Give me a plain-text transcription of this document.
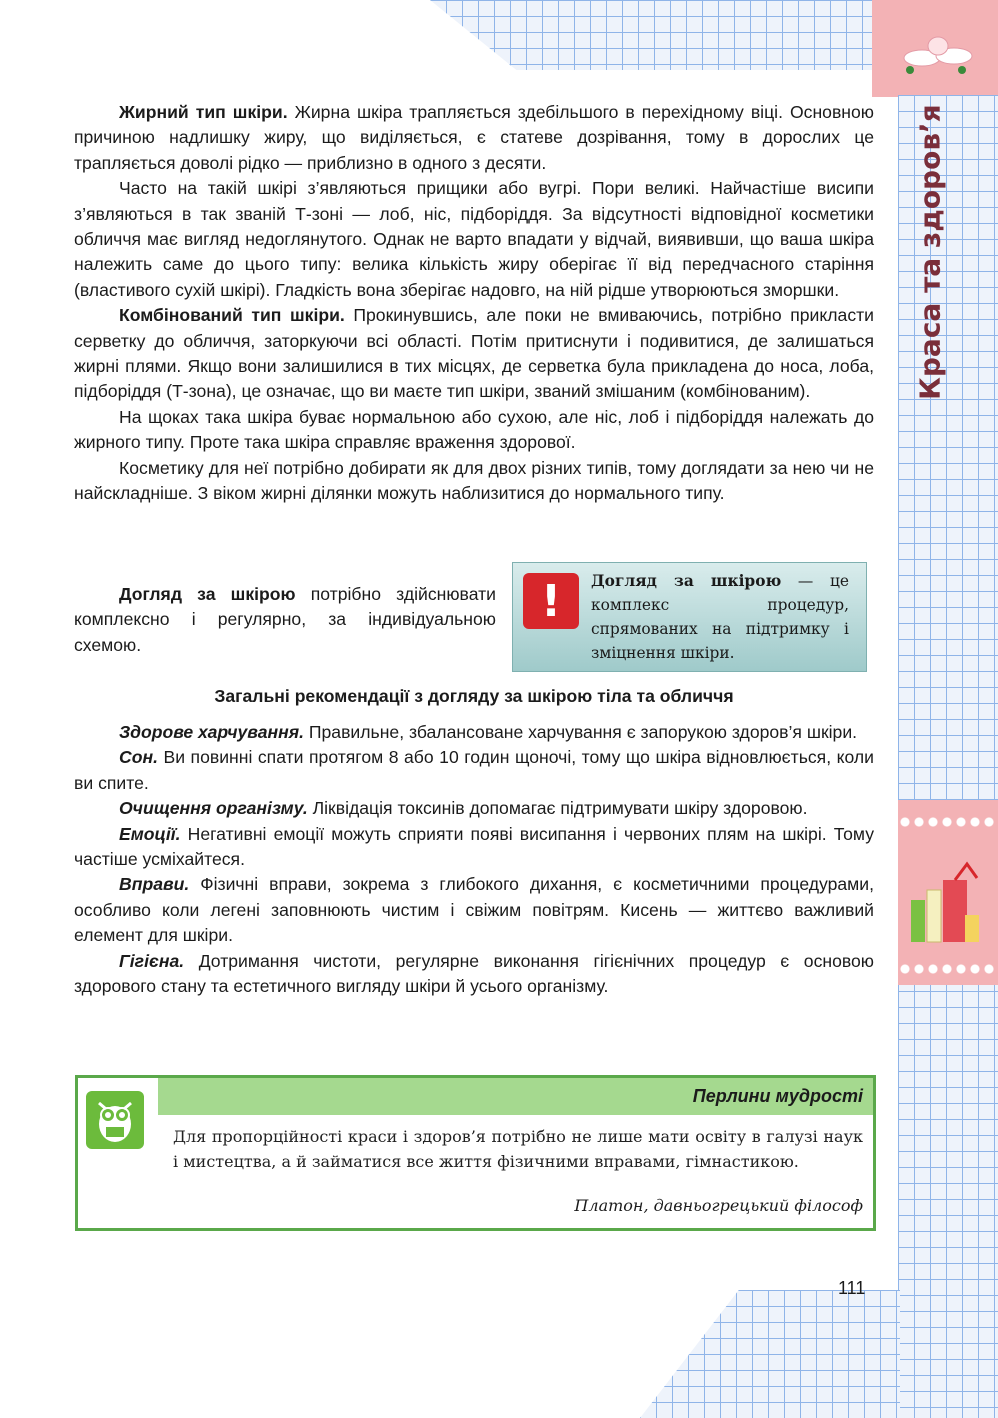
Краса та здоров’я

Жирний тип шкіри. Жирна шкіра трапляється здебільшого в перехідному віці. Основною причиною надлишку жиру, що виділяється, є статеве дозрівання, тому в дорослих це трапляється доволі рідко — приблизно в одного з десяти.

Часто на такій шкірі з’являються прищики або вугрі. Пори великі. Найчастіше висипи з’являються в так званій Т-зоні — лоб, ніс, підборіддя. За відсутності відповідної косметики обличчя має вигляд недоглянутого. Однак не варто впадати у відчай, виявивши, що ваша шкіра належить саме до цього типу: велика кількість жиру оберігає її від передчасного старіння (властивого сухій шкірі). Гладкість вона зберігає надовго, на ній рідше утворюються зморшки.

Комбінований тип шкіри. Прокинувшись, але поки не вмиваючись, потрібно прикласти серветку до обличчя, заторкуючи всі області. Потім притиснути і подивитися, де залишаться жирні плями. Якщо вони залишилися в тих місцях, де серветка була прикладена до носа, лоба, підборіддя (Т-зона), це означає, що ви маєте тип шкіри, званий змішаним (комбінованим).

На щоках така шкіра буває нормальною або сухою, але ніс, лоб і підборіддя належать до жирного типу. Проте така шкіра справляє враження здорової.

Косметику для неї потрібно добирати як для двох різних типів, тому доглядати за нею чи не найскладніше. З віком жирні ділянки можуть наблизитися до нормального типу.

Догляд за шкірою потрібно здійснювати комплексно і регулярно, за індивідуальною схемою.
!	Догляд за шкірою — це комплекс процедур, спрямованих на підтримку і зміцнення шкіри.
Загальні рекомендації з догляду за шкірою тіла та обличчя

Здорове харчування. Правильне, збалансоване харчування є запорукою здоров’я шкіри.

Сон. Ви повинні спати протягом 8 або 10 годин щоночі, тому що шкіра відновлюється, коли ви спите.

Очищення організму. Ліквідація токсинів допомагає підтримувати шкіру здоровою.

Емоції. Негативні емоції можуть сприяти появі висипання і червоних плям на шкірі. Тому частіше усміхайтеся.

Вправи. Фізичні вправи, зокрема з глибокого дихання, є косметичними процедурами, особливо коли легені заповнюють чистим і свіжим повітрям. Кисень — життєво важливий елемент для шкіри.

Гігієна. Дотримання чистоти, регулярне виконання гігієнічних процедур є основою здорового стану та естетичного вигляду шкіри й усього організму.

Перлини мудрості
Для пропорційності краси і здоров’я потрібно не лише мати освіту в галузі наук і мистецтва, а й займатися все життя фізичними вправами, гімнастикою.
Платон, давньогрецький філософ
111
